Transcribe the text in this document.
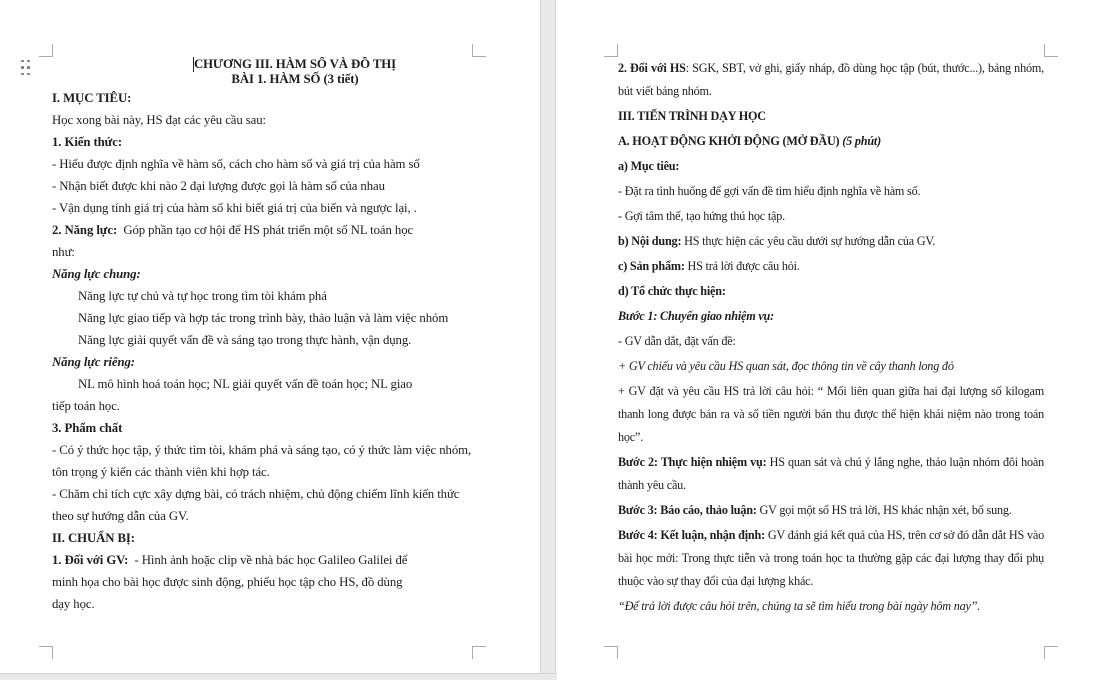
CHƯƠNG III. HÀM SỐ VÀ ĐỒ THỊ
BÀI 1. HÀM SỐ (3 tiết)
I. MỤC TIÊU:
Học xong bài này, HS đạt các yêu cầu sau:
1. Kiến thức:
- Hiểu được định nghĩa về hàm số, cách cho hàm số và giá trị của hàm số
- Nhận biết được khi nào 2 đại lượng được gọi là hàm số của nhau
- Vận dụng tính giá trị của hàm số khi biết giá trị của biến và ngược lại, .
2. Năng lực:  Góp phần tạo cơ hội để HS phát triển một số NL toán học
như:
Năng lực chung:
Năng lực tự chủ và tự học trong tìm tòi khám phá
Năng lực giao tiếp và hợp tác trong trình bày, thảo luận và làm việc nhóm
Năng lực giải quyết vấn đề và sáng tạo trong thực hành, vận dụng.
Năng lực riêng:
NL mô hình hoá toán học; NL giải quyết vấn đề toán học; NL giao
tiếp toán học.
3. Phẩm chất
- Có ý thức học tập, ý thức tìm tòi, khám phá và sáng tạo, có ý thức làm việc nhóm,
tôn trọng ý kiến các thành viên khi hợp tác.
- Chăm chỉ tích cực xây dựng bài, có trách nhiệm, chủ động chiếm lĩnh kiến thức
theo sự hướng dẫn của GV.
II. CHUẨN BỊ:
1. Đối với GV:  - Hình ảnh hoặc clip về nhà bác học Galileo Galilei để
minh họa cho bài học được sinh động, phiếu học tập cho HS, đồ dùng
dạy học.
2. Đối với HS: SGK, SBT, vở ghi, giấy nháp, đồ dùng học tập (bút, thước...), bảng nhóm, bút viết bảng nhóm.
III. TIẾN TRÌNH DẠY HỌC
A. HOẠT ĐỘNG KHỞI ĐỘNG (MỞ ĐẦU) (5 phút)
a) Mục tiêu:
- Đặt ra tình huống để gợi vấn đề tìm hiểu định nghĩa về hàm số.
- Gợi tâm thế, tạo hứng thú học tập.
b) Nội dung: HS thực hiện các yêu cầu dưới sự hướng dẫn của GV.
c) Sản phẩm: HS trả lời được câu hỏi.
d) Tổ chức thực hiện:
Bước 1: Chuyển giao nhiệm vụ:
- GV dẫn dắt, đặt vấn đề:
+ GV chiếu và yêu cầu HS quan sát, đọc thông tin về cây thanh long đỏ
+ GV đặt và yêu cầu HS trả lời câu hỏi: “ Mối liên quan giữa hai đại lượng số kilogam thanh long được bán ra và số tiền người bán thu được thể hiện khái niệm nào trong toán học”.
Bước 2: Thực hiện nhiệm vụ: HS quan sát và chú ý lắng nghe, thảo luận nhóm đôi hoàn thành yêu cầu.
Bước 3: Báo cáo, thảo luận: GV gọi một số HS trả lời, HS khác nhận xét, bổ sung.
Bước 4: Kết luận, nhận định: GV đánh giá kết quả của HS, trên cơ sở đó dẫn dắt HS vào bài học mới: Trong thực tiễn và trong toán học ta thường gặp các đại lượng thay đổi phụ thuộc vào sự thay đổi của đại lượng khác.
“Để trả lời được câu hỏi trên, chúng ta sẽ tìm hiểu trong bài ngày hôm nay”.
